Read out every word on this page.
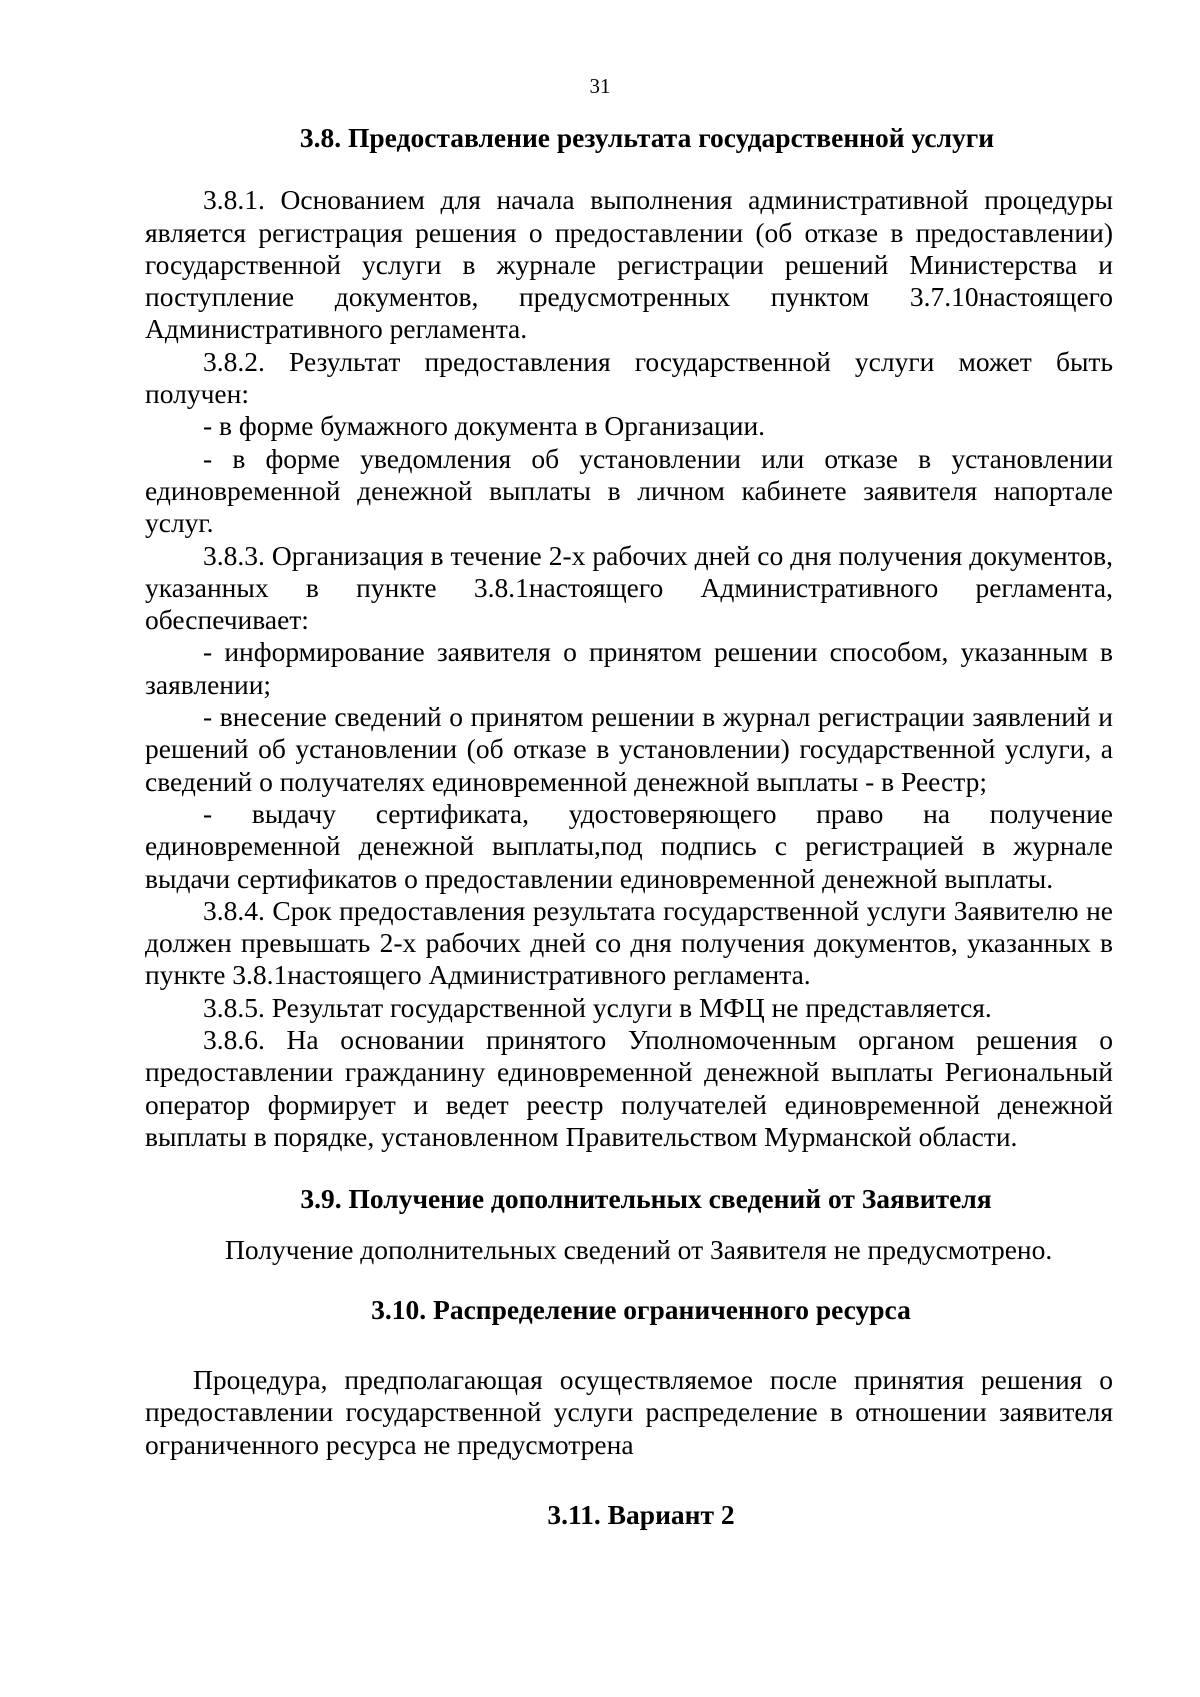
31
3.8. Предоставление результата государственной услуги

3.8.1. Основанием для начала выполнения административной процедуры является регистрация решения о предоставлении (об отказе в предоставлении) государственной услуги в журнале регистрации решений Министерства и поступление документов, предусмотренных пунктом 3.7.10настоящего Административного регламента.

3.8.2. Результат предоставления государственной услуги может быть получен:

- в форме бумажного документа в Организации.

- в форме уведомления об установлении или отказе в установлении единовременной денежной выплаты в личном кабинете заявителя напортале услуг.

3.8.3. Организация в течение 2-х рабочих дней со дня получения документов, указанных в пункте 3.8.1настоящего Административного регламента, обеспечивает:

- информирование заявителя о принятом решении способом, указанным в заявлении;

- внесение сведений о принятом решении в журнал регистрации заявлений и решений об установлении (об отказе в установлении) государственной услуги, а сведений о получателях единовременной денежной выплаты - в Реестр;

- выдачу сертификата, удостоверяющего право на получение единовременной денежной выплаты,под подпись с регистрацией в журнале выдачи сертификатов о предоставлении единовременной денежной выплаты.

3.8.4. Срок предоставления результата государственной услуги Заявителю не должен превышать 2-х рабочих дней со дня получения документов, указанных в пункте 3.8.1настоящего Административного регламента.

3.8.5. Результат государственной услуги в МФЦ не представляется.

3.8.6. На основании принятого Уполномоченным органом решения о предоставлении гражданину единовременной денежной выплаты Региональный оператор формирует и ведет реестр получателей единовременной денежной выплаты в порядке, установленном Правительством Мурманской области.

3.9. Получение дополнительных сведений от Заявителя

Получение дополнительных сведений от Заявителя не предусмотрено.

3.10. Распределение ограниченного ресурса

Процедура, предполагающая осуществляемое после принятия решения о предоставлении государственной услуги распределение в отношении заявителя ограниченного ресурса не предусмотрена

3.11. Вариант 2
